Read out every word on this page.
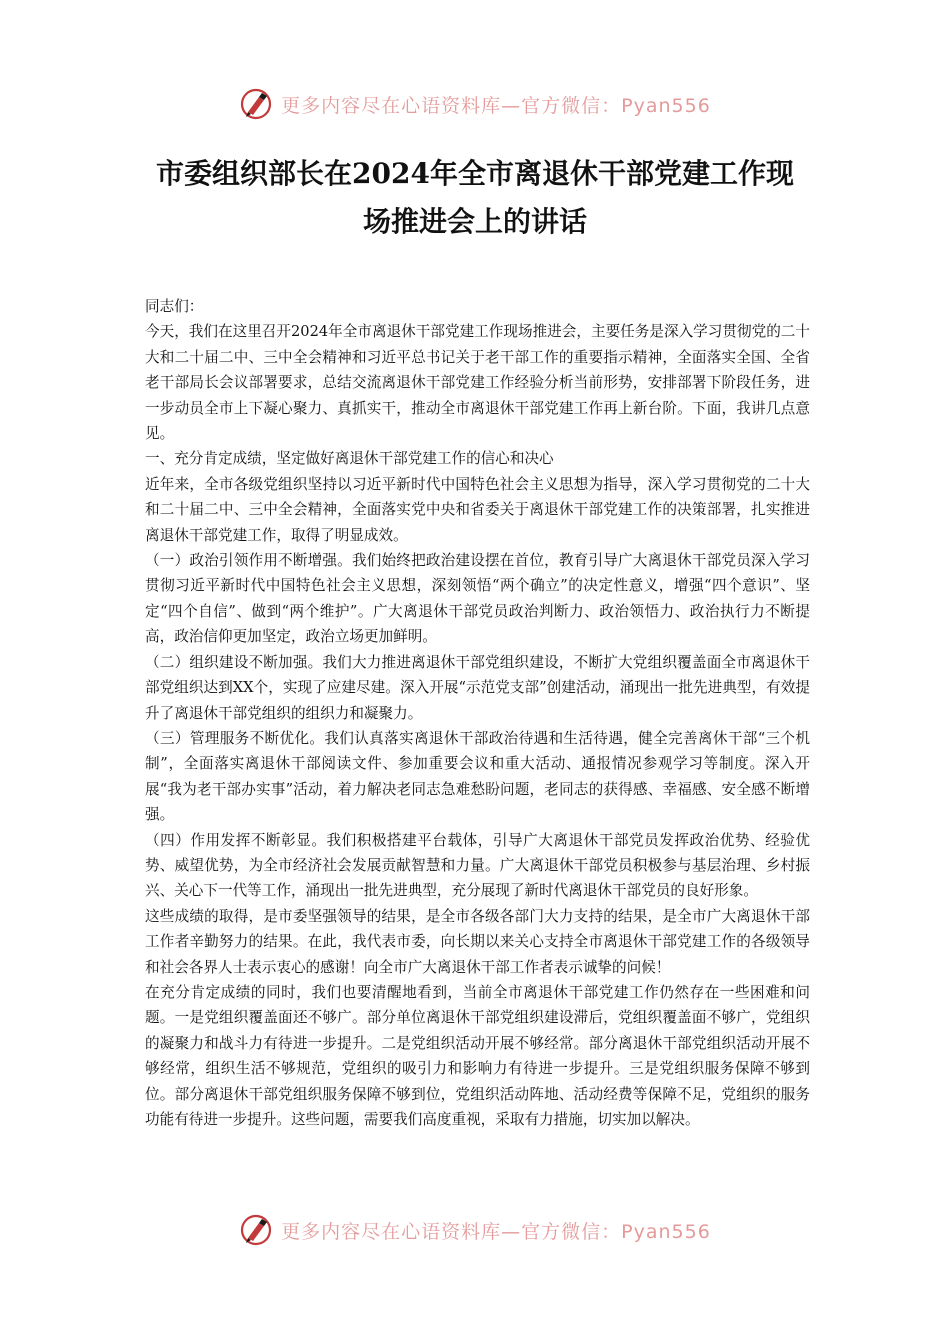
更多内容尽在心语资料库—官方微信：Pyan556
市委组织部长在2024年全市离退休干部党建工作现
场推进会上的讲话

同志们：

今天，我们在这里召开2024年全市离退休干部党建工作现场推进会，主要任务是深入学习贯彻党的二十大和二十届二中、三中全会精神和习近平总书记关于老干部工作的重要指示精神，全面落实全国、全省老干部局长会议部署要求，总结交流离退休干部党建工作经验分析当前形势，安排部署下阶段任务，进一步动员全市上下凝心聚力、真抓实干，推动全市离退休干部党建工作再上新台阶。下面，我讲几点意见。

一、充分肯定成绩，坚定做好离退休干部党建工作的信心和决心

近年来，全市各级党组织坚持以习近平新时代中国特色社会主义思想为指导，深入学习贯彻党的二十大和二十届二中、三中全会精神，全面落实党中央和省委关于离退休干部党建工作的决策部署，扎实推进离退休干部党建工作，取得了明显成效。

（一）政治引领作用不断增强。我们始终把政治建设摆在首位，教育引导广大离退休干部党员深入学习贯彻习近平新时代中国特色社会主义思想，深刻领悟“两个确立”的决定性意义，增强“四个意识”、坚定“四个自信”、做到“两个维护”。广大离退休干部党员政治判断力、政治领悟力、政治执行力不断提高，政治信仰更加坚定，政治立场更加鲜明。

（二）组织建设不断加强。我们大力推进离退休干部党组织建设，不断扩大党组织覆盖面全市离退休干部党组织达到XX个，实现了应建尽建。深入开展“示范党支部”创建活动，涌现出一批先进典型，有效提升了离退休干部党组织的组织力和凝聚力。

（三）管理服务不断优化。我们认真落实离退休干部政治待遇和生活待遇，健全完善离休干部“三个机制”，全面落实离退休干部阅读文件、参加重要会议和重大活动、通报情况参观学习等制度。深入开展“我为老干部办实事”活动，着力解决老同志急难愁盼问题，老同志的获得感、幸福感、安全感不断增强。

（四）作用发挥不断彰显。我们积极搭建平台载体，引导广大离退休干部党员发挥政治优势、经验优势、威望优势，为全市经济社会发展贡献智慧和力量。广大离退休干部党员积极参与基层治理、乡村振兴、关心下一代等工作，涌现出一批先进典型，充分展现了新时代离退休干部党员的良好形象。

这些成绩的取得，是市委坚强领导的结果，是全市各级各部门大力支持的结果，是全市广大离退休干部工作者辛勤努力的结果。在此，我代表市委，向长期以来关心支持全市离退休干部党建工作的各级领导和社会各界人士表示衷心的感谢！向全市广大离退休干部工作者表示诚挚的问候！

在充分肯定成绩的同时，我们也要清醒地看到，当前全市离退休干部党建工作仍然存在一些困难和问题。一是党组织覆盖面还不够广。部分单位离退休干部党组织建设滞后，党组织覆盖面不够广，党组织的凝聚力和战斗力有待进一步提升。二是党组织活动开展不够经常。部分离退休干部党组织活动开展不够经常，组织生活不够规范，党组织的吸引力和影响力有待进一步提升。三是党组织服务保障不够到位。部分离退休干部党组织服务保障不够到位，党组织活动阵地、活动经费等保障不足，党组织的服务功能有待进一步提升。这些问题，需要我们高度重视，采取有力措施，切实加以解决。

更多内容尽在心语资料库—官方微信：Pyan556
